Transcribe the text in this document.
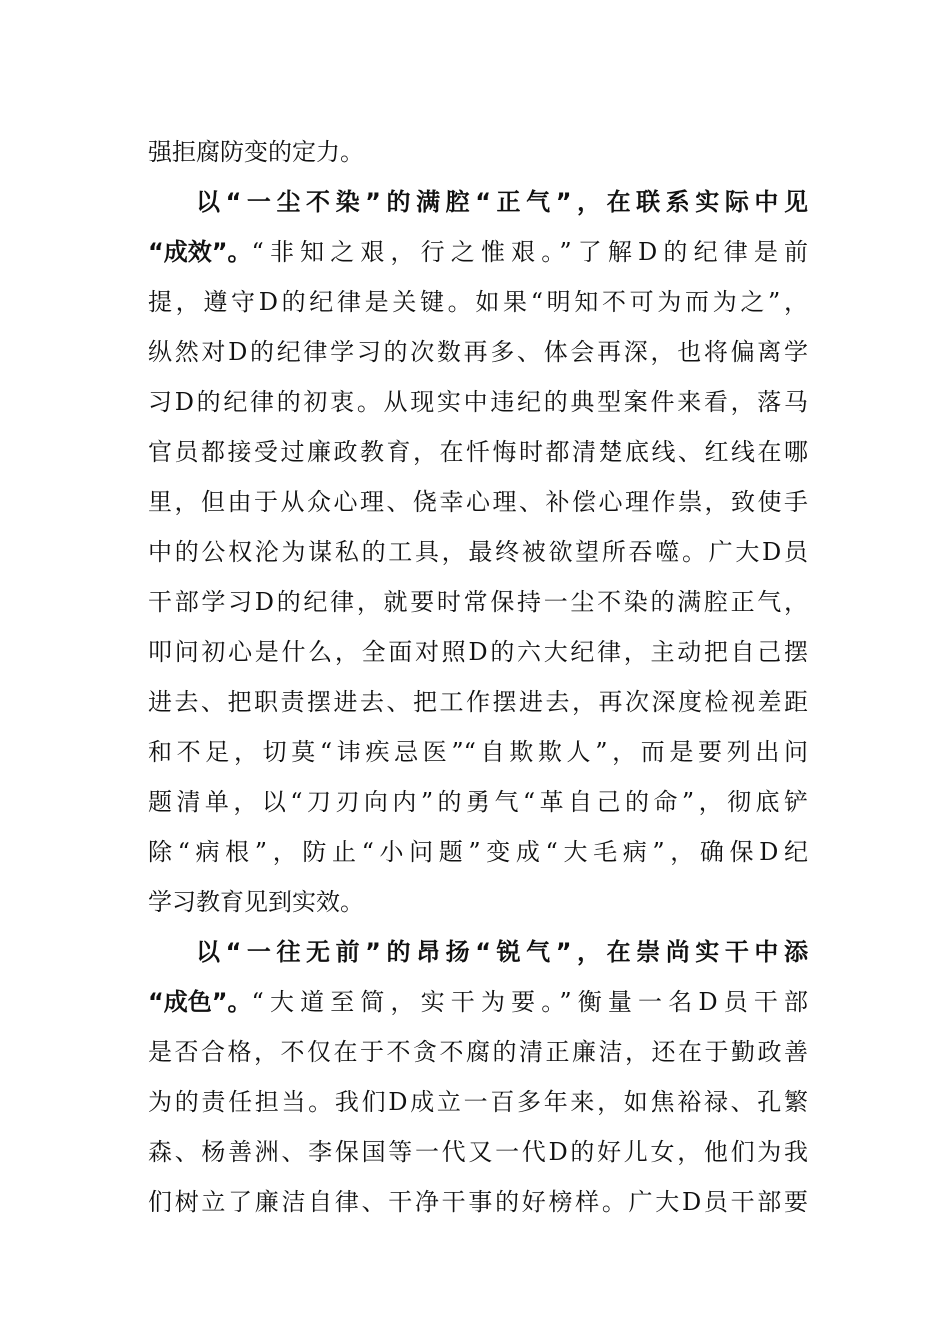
强拒腐防变的定力。
以“一尘不染”的满腔“正气”，在联系实际中见
“成效”。 “非知之艰，行之惟艰。”了解D的纪律是前
提，遵守D的纪律是关键。如果“明知不可为而为之”，
纵然对D的纪律学习的次数再多、体会再深，也将偏离学
习D的纪律的初衷。从现实中违纪的典型案件来看，落马
官员都接受过廉政教育，在忏悔时都清楚底线、红线在哪
里，但由于从众心理、侥幸心理、补偿心理作祟，致使手
中的公权沦为谋私的工具，最终被欲望所吞噬。广大D员
干部学习D的纪律，就要时常保持一尘不染的满腔正气，
叩问初心是什么，全面对照D的六大纪律，主动把自己摆
进去、把职责摆进去、把工作摆进去，再次深度检视差距
和不足，切莫“讳疾忌医”“自欺欺人”，而是要列出问
题清单，以“刀刃向内”的勇气“革自己的命”，彻底铲
除“病根”，防止“小问题”变成“大毛病”，确保D纪
学习教育见到实效。
以“一往无前”的昂扬“锐气”，在崇尚实干中添
“成色”。 “大道至简，实干为要。”衡量一名D员干部
是否合格，不仅在于不贪不腐的清正廉洁，还在于勤政善
为的责任担当。我们D成立一百多年来，如焦裕禄、孔繁
森、杨善洲、李保国等一代又一代D的好儿女，他们为我
们树立了廉洁自律、干净干事的好榜样。广大D员干部要
